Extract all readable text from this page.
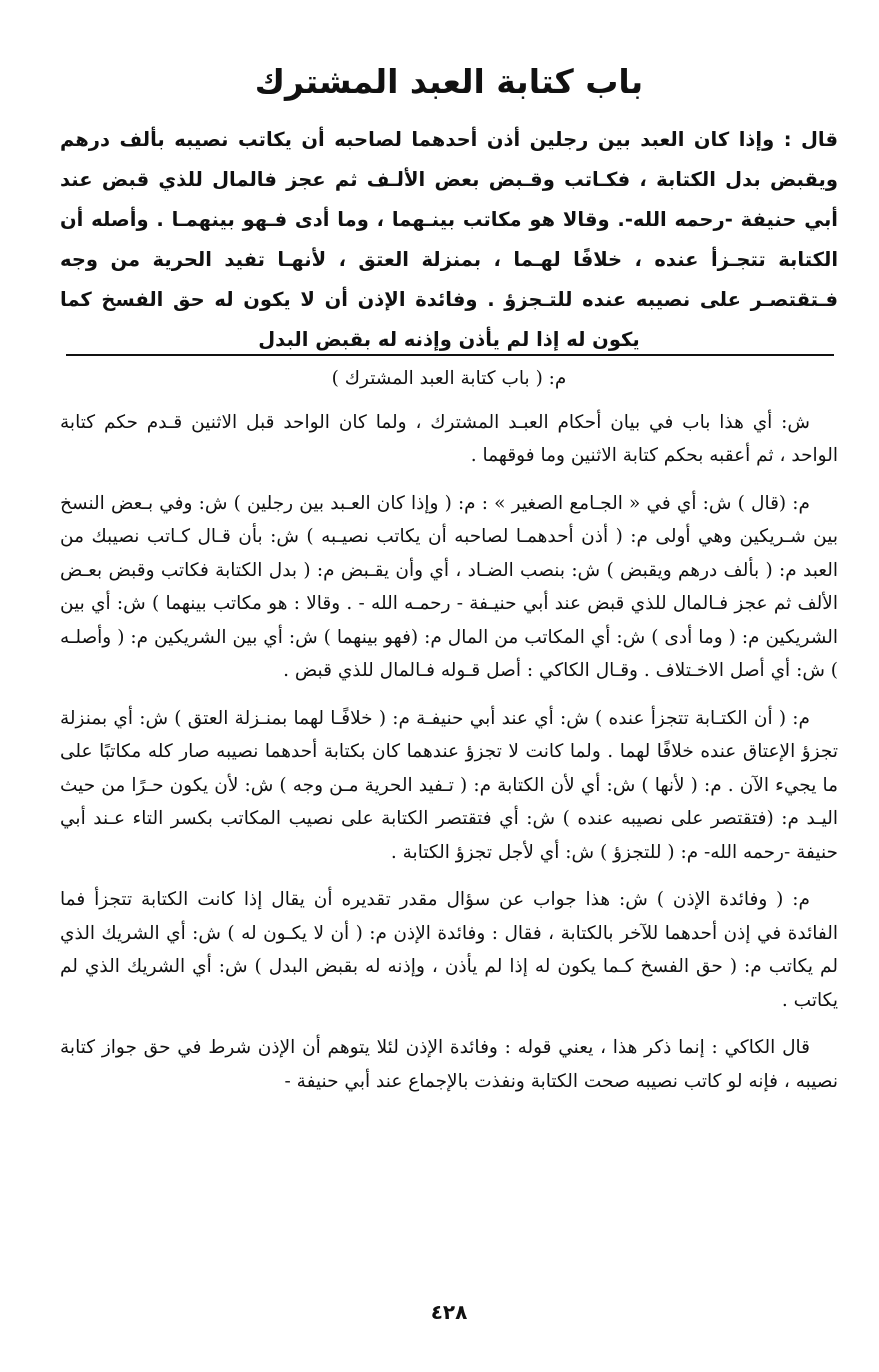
باب كتابة العبد المشترك
قال : وإذا كان العبد بين رجلين أذن أحدهما لصاحبه أن يكاتب نصيبه بألف درهم ويقبض بدل الكتابة ، فكـاتب وقـبض بعض الألـف ثم عجز فالمال للذي قبض عند أبي حنيفة -رحمه الله-. وقالا هو مكاتب بينـهما ، وما أدى فـهو بينهمـا . وأصله أن الكتابة تتجـزأ عنده ، خلافًا لهـما ، بمنزلة العتق ، لأنهـا تفيد الحرية من وجه فـتقتصـر على نصيبه عنده للتـجزؤ . وفائدة الإذن أن لا يكون له حق الفسخ كما يكون له إذا لم يأذن وإذنه له بقبض البدل

م: ( باب كتابة العبد المشترك )

ش: أي هذا باب في بيان أحكام العبـد المشترك ، ولما كان الواحد قبل الاثنين قـدم حكم كتابة الواحد ، ثم أعقبه بحكم كتابة الاثنين وما فوقهما .

م: (قال ) ش: أي في « الجـامع الصغير » : م: ( وإذا كان العـبد بين رجلين ) ش: وفي بـعض النسخ بين شـريكين وهي أولى م: ( أذن أحدهمـا لصاحبه أن يكاتب نصيـبه ) ش: بأن قـال كـاتب نصيبك من العبد م: ( بألف درهم ويقبض ) ش: بنصب الضـاد ، أي وأن يقـبض م: ( بدل الكتابة فكاتب وقبض بعـض الألف ثم عجز فـالمال للذي قبض عند أبي حنيـفة - رحمـه الله - . وقالا : هو مكاتب بينهما ) ش: أي بين الشريكين م: ( وما أدى ) ش: أي المكاتب من المال م: (فهو بينهما ) ش: أي بين الشريكين م: ( وأصلـه ) ش: أي أصل الاخـتلاف . وقـال الكاكي : أصل قـوله فـالمال للذي قبض .

م: ( أن الكتـابة تتجزأ عنده ) ش: أي عند أبي حنيفـة م: ( خلافًـا لهما بمنـزلة العتق ) ش: أي بمنزلة تجزؤ الإعتاق عنده خلافًا لهما . ولما كانت لا تجزؤ عندهما كان بكتابة أحدهما نصيبه صار كله مكاتبًا على ما يجيء الآن . م: ( لأنها ) ش: أي لأن الكتابة م: ( تـفيد الحرية مـن وجه ) ش: لأن يكون حـرًا من حيث اليـد م: (فتقتصر على نصيبه عنده ) ش: أي فتقتصر الكتابة على نصيب المكاتب بكسر التاء عـند أبي حنيفة -رحمه الله- م: ( للتجزؤ ) ش: أي لأجل تجزؤ الكتابة .

م: ( وفائدة الإذن ) ش: هذا جواب عن سؤال مقدر تقديره أن يقال إذا كانت الكتابة تتجزأ فما الفائدة في إذن أحدهما للآخر بالكتابة ، فقال : وفائدة الإذن م: ( أن لا يكـون له ) ش: أي الشريك الذي لم يكاتب م: ( حق الفسخ كـما يكون له إذا لم يأذن ، وإذنه له بقبض البدل ) ش: أي الشريك الذي لم يكاتب .

قال الكاكي : إنما ذكر هذا ، يعني قوله : وفائدة الإذن لئلا يتوهم أن الإذن شرط في حق جواز كتابة نصيبه ، فإنه لو كاتب نصيبه صحت الكتابة ونفذت بالإجماع عند أبي حنيفة -

٤٢٨
